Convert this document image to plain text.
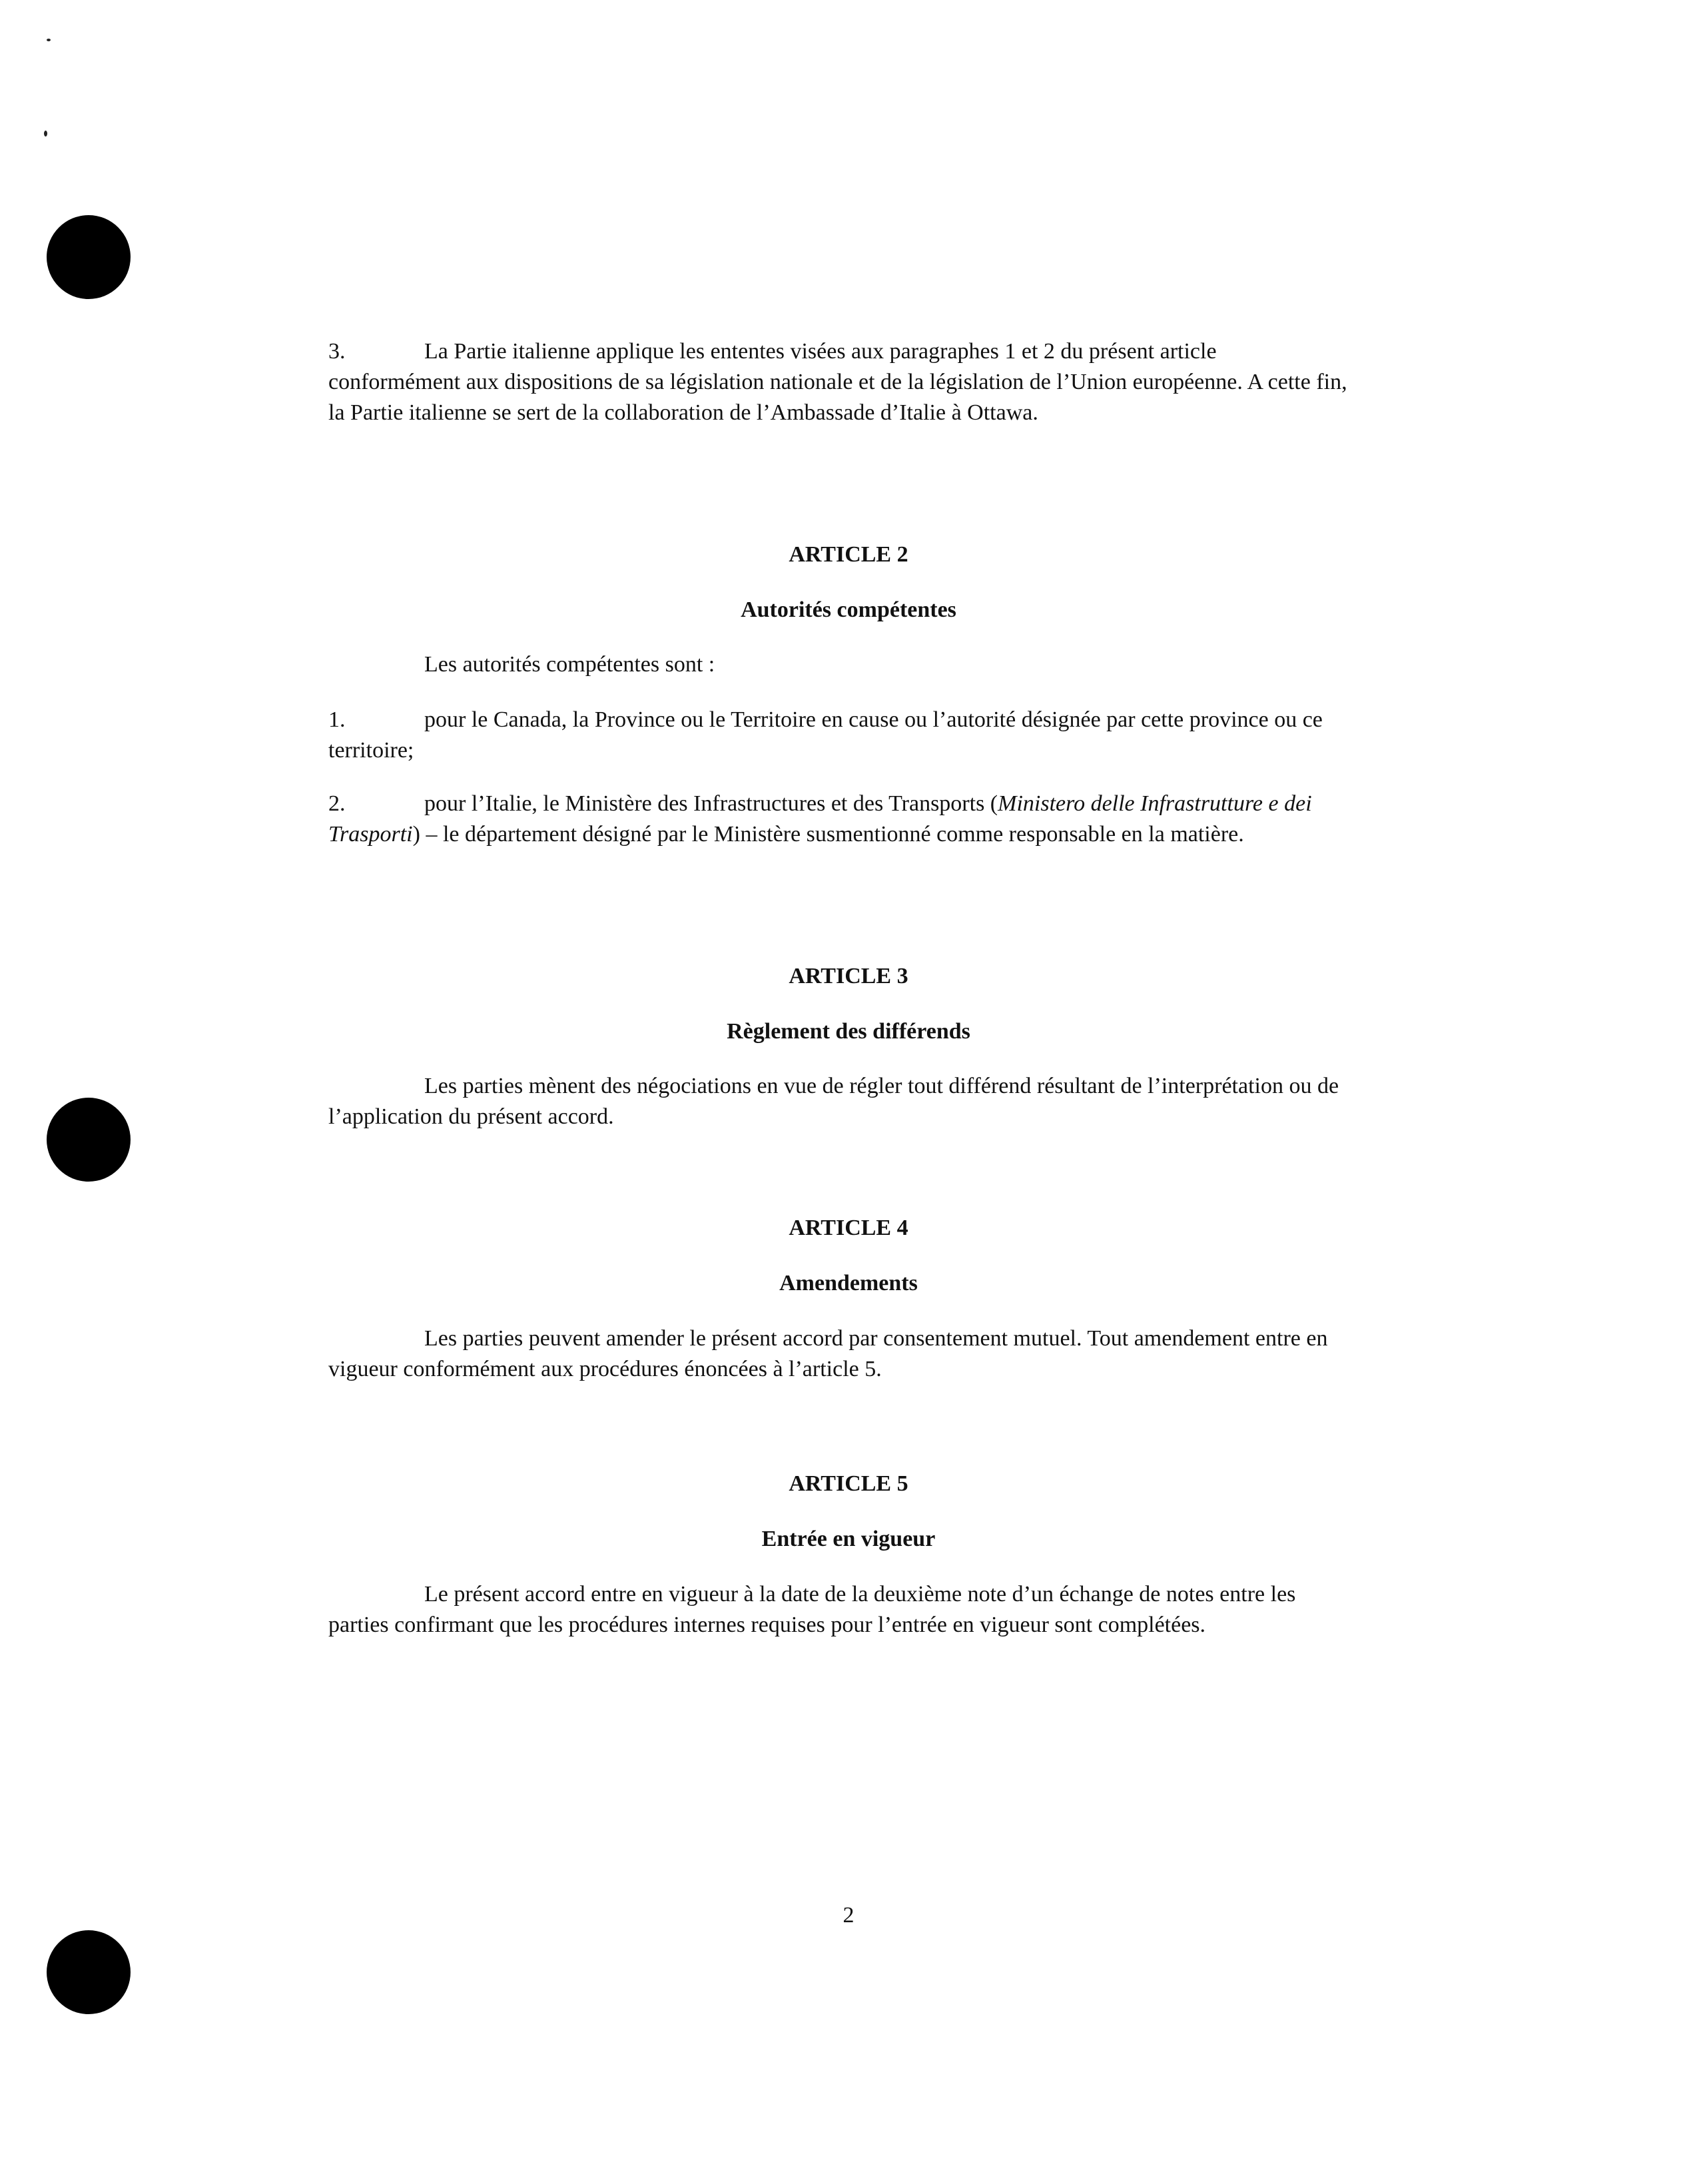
3.	La Partie italienne applique les ententes visées aux paragraphes 1 et 2 du présent article conformément aux dispositions de sa législation nationale et de la législation de l’Union européenne. A cette fin, la Partie italienne se sert de la collaboration de l’Ambassade d’Italie à Ottawa.

ARTICLE 2
Autorités compétentes

Les autorités compétentes sont :

1.	pour le Canada, la Province ou le Territoire en cause ou l’autorité désignée par cette province ou ce territoire;

2.	pour l’Italie, le Ministère des Infrastructures et des Transports (Ministero delle Infrastrutture e dei Trasporti) – le département désigné par le Ministère susmentionné comme responsable en la matière.

ARTICLE 3
Règlement des différends

Les parties mènent des négociations en vue de régler tout différend résultant de l’interprétation ou de l’application du présent accord.

ARTICLE 4
Amendements

Les parties peuvent amender le présent accord par consentement mutuel. Tout amendement entre en vigueur conformément aux procédures énoncées à l’article 5.

ARTICLE 5
Entrée en vigueur

Le présent accord entre en vigueur à la date de la deuxième note d’un échange de notes entre les parties confirmant que les procédures internes requises pour l’entrée en vigueur sont complétées.

2
